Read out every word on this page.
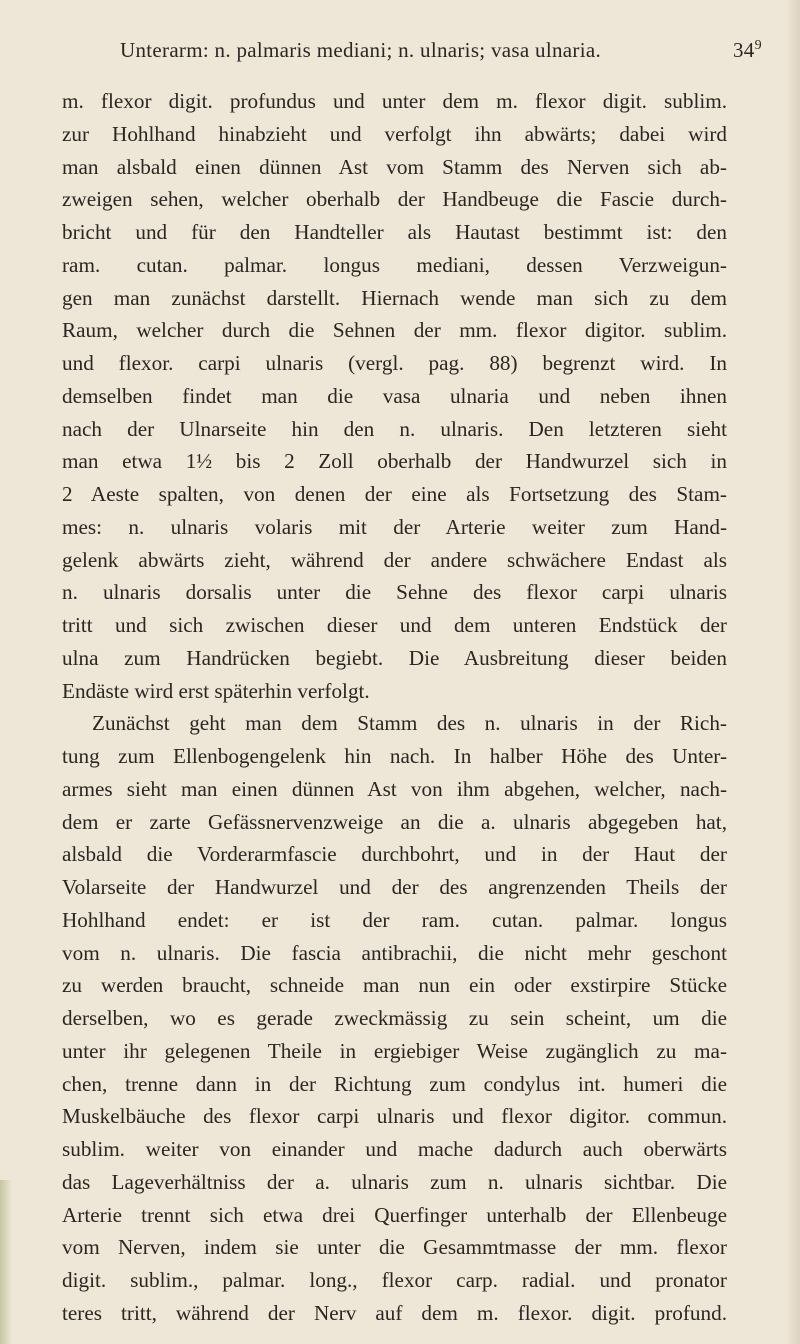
Unterarm: n. palmaris mediani; n. ulnaris; vasa ulnaria.	$34^9$
m. flexor digit. profundus und unter dem m. flexor digit. sublim.
zur Hohlhand hinabzieht und verfolgt ihn abwärts; dabei wird
man alsbald einen dünnen Ast vom Stamm des Nerven sich ab-
zweigen sehen, welcher oberhalb der Handbeuge die Fascie durch-
bricht und für den Handteller als Hautast bestimmt ist: den
ram. cutan. palmar. longus mediani, dessen Verzweigun-
gen man zunächst darstellt. Hiernach wende man sich zu dem
Raum, welcher durch die Sehnen der mm. flexor digitor. sublim.
und flexor. carpi ulnaris (vergl. pag. 88) begrenzt wird. In
demselben findet man die vasa ulnaria und neben ihnen
nach der Ulnarseite hin den n. ulnaris. Den letzteren sieht
man etwa 1½ bis 2 Zoll oberhalb der Handwurzel sich in
2 Aeste spalten, von denen der eine als Fortsetzung des Stam-
mes: n. ulnaris volaris mit der Arterie weiter zum Hand-
gelenk abwärts zieht, während der andere schwächere Endast als
n. ulnaris dorsalis unter die Sehne des flexor carpi ulnaris
tritt und sich zwischen dieser und dem unteren Endstück der
ulna zum Handrücken begiebt. Die Ausbreitung dieser beiden
Endäste wird erst späterhin verfolgt.
Zunächst geht man dem Stamm des n. ulnaris in der Rich-
tung zum Ellenbogengelenk hin nach. In halber Höhe des Unter-
armes sieht man einen dünnen Ast von ihm abgehen, welcher, nach-
dem er zarte Gefässnervenzweige an die a. ulnaris abgegeben hat,
alsbald die Vorderarmfascie durchbohrt, und in der Haut der
Volarseite der Handwurzel und der des angrenzenden Theils der
Hohlhand endet: er ist der ram. cutan. palmar. longus
vom n. ulnaris. Die fascia antibrachii, die nicht mehr geschont
zu werden braucht, schneide man nun ein oder exstirpire Stücke
derselben, wo es gerade zweckmässig zu sein scheint, um die
unter ihr gelegenen Theile in ergiebiger Weise zugänglich zu ma-
chen, trenne dann in der Richtung zum condylus int. humeri die
Muskelbäuche des flexor carpi ulnaris und flexor digitor. commun.
sublim. weiter von einander und mache dadurch auch oberwärts
das Lageverhältniss der a. ulnaris zum n. ulnaris sichtbar. Die
Arterie trennt sich etwa drei Querfinger unterhalb der Ellenbeuge
vom Nerven, indem sie unter die Gesammtmasse der mm. flexor
digit. sublim., palmar. long., flexor carp. radial. und pronator
teres tritt, während der Nerv auf dem m. flexor. digit. profund.
